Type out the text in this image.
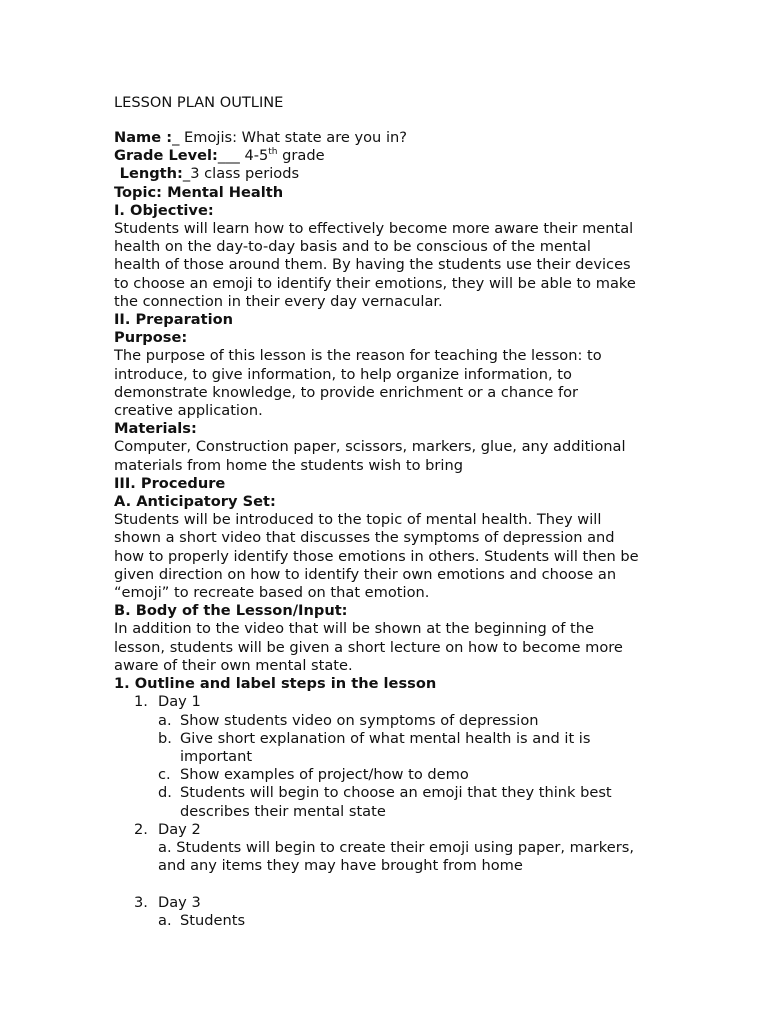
LESSON PLAN OUTLINE
Name :_ Emojis: What state are you in?
Grade Level:___ 4-5th grade
Length:_3 class periods
Topic: Mental Health
I. Objective:
Students will learn how to effectively become more aware their mental
health on the day-to-day basis and to be conscious of the mental
health of those around them. By having the students use their devices
to choose an emoji to identify their emotions, they will be able to make
the connection in their every day vernacular.
II. Preparation
Purpose:
The purpose of this lesson is the reason for teaching the lesson: to
introduce, to give information, to help organize information, to
demonstrate knowledge, to provide enrichment or a chance for
creative application.
Materials:
Computer, Construction paper, scissors, markers, glue, any additional
materials from home the students wish to bring
III. Procedure
A. Anticipatory Set:
Students will be introduced to the topic of mental health. They will
shown a short video that discusses the symptoms of depression and
how to properly identify those emotions in others. Students will then be
given direction on how to identify their own emotions and choose an
“emoji” to recreate based on that emotion.
B. Body of the Lesson/Input:
In addition to the video that will be shown at the beginning of the
lesson, students will be given a short lecture on how to become more
aware of their own mental state.
1. Outline and label steps in the lesson
1. Day 1
a. Show students video on symptoms of depression
b. Give short explanation of what mental health is and it is
important
c. Show examples of project/how to demo
d. Students will begin to choose an emoji that they think best
describes their mental state
2. Day 2
a. Students will begin to create their emoji using paper, markers,
and any items they may have brought from home
3. Day 3
a. Students
